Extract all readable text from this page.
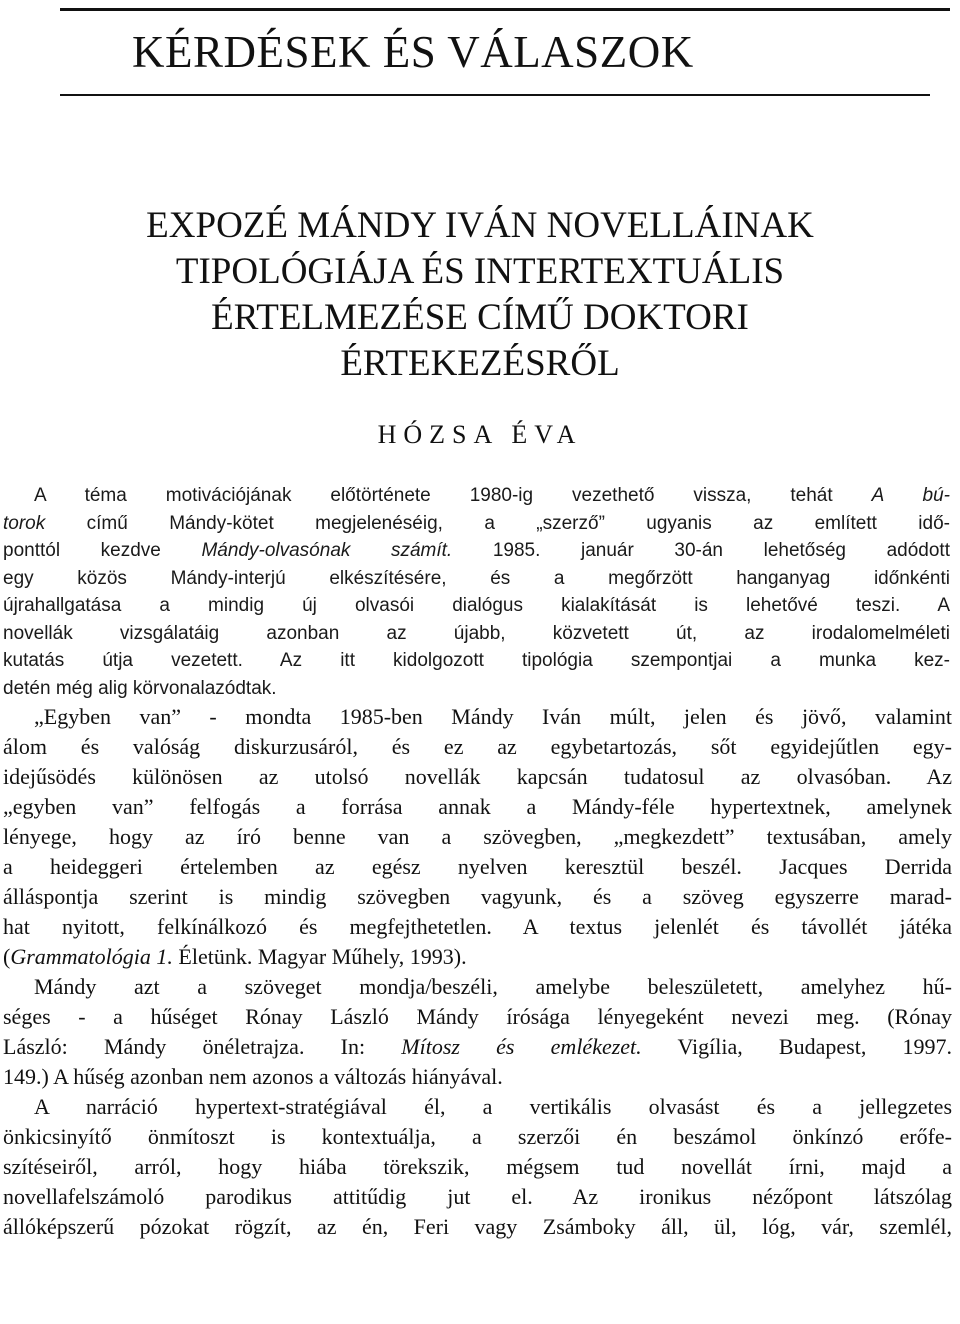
KÉRDÉSEK ÉS VÁLASZOK
EXPOZÉ MÁNDY IVÁN NOVELLÁINAK
TIPOLÓGIÁJA ÉS INTERTEXTUÁLIS
ÉRTELMEZÉSE CÍMŰ DOKTORI
ÉRTEKEZÉSRŐL
HÓZSA ÉVA
A téma motivációjának előtörténete 1980-ig vezethető vissza, tehát A bú-
torok című Mándy-kötet megjelenéséig, a „szerző” ugyanis az említett idő-
ponttól kezdve Mándy-olvasónak számít. 1985. január 30-án lehetőség adódott
egy közös Mándy-interjú elkészítésére, és a megőrzött hanganyag időnkénti
újrahallgatása a mindig új olvasói dialógus kialakítását is lehetővé teszi. A
novellák vizsgálatáig azonban az újabb, közvetett út, az irodalomelméleti
kutatás útja vezetett. Az itt kidolgozott tipológia szempontjai a munka kez-
detén még alig körvonalazódtak.
„Egyben van” - mondta 1985-ben Mándy Iván múlt, jelen és jövő, valamint
álom és valóság diskurzusáról, és ez az egybetartozás, sőt egyidejűtlen egy-
idejűsödés különösen az utolsó novellák kapcsán tudatosul az olvasóban. Az
„egyben van” felfogás a forrása annak a Mándy-féle hypertextnek, amelynek
lényege, hogy az író benne van a szövegben, „megkezdett” textusában, amely
a heideggeri értelemben az egész nyelven keresztül beszél. Jacques Derrida
álláspontja szerint is mindig szövegben vagyunk, és a szöveg egyszerre marad-
hat nyitott, felkínálkozó és megfejthetetlen. A textus jelenlét és távollét játéka
(Grammatológia 1. Életünk. Magyar Műhely, 1993).
Mándy azt a szöveget mondja/beszéli, amelybe beleszületett, amelyhez hű-
séges - a hűséget Rónay László Mándy írósága lényegeként nevezi meg. (Rónay
László: Mándy önéletrajza. In: Mítosz és emlékezet. Vigília, Budapest, 1997.
149.) A hűség azonban nem azonos a változás hiányával.
A narráció hypertext-stratégiával él, a vertikális olvasást és a jellegzetes
önkicsinyítő önmítoszt is kontextuálja, a szerzői én beszámol önkínzó erőfe-
szítéseiről, arról, hogy hiába törekszik, mégsem tud novellát írni, majd a
novellafelszámoló parodikus attitűdig jut el. Az ironikus nézőpont látszólag
állóképszerű pózokat rögzít, az én, Feri vagy Zsámboky áll, ül, lóg, vár, szemlél,
